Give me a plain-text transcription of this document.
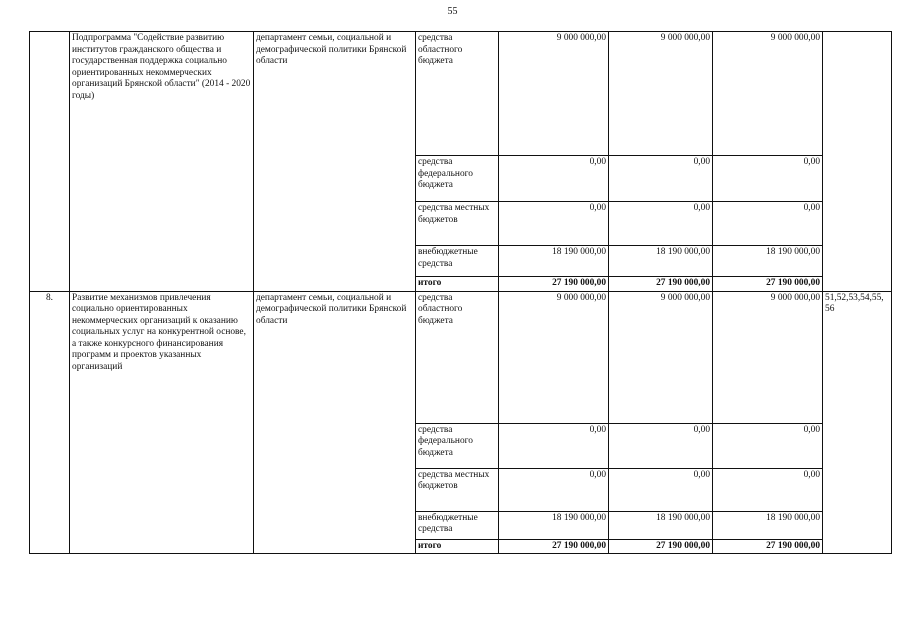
55
	Подпрограмма "Содействие развитию институтов гражданского общества и государственная поддержка социально ориентированных некоммерческих организаций Брянской области" (2014 - 2020 годы)	департамент семьи, социальной и демографической политики Брянской области	средства областного бюджета	9 000 000,00	9 000 000,00	9 000 000,00	
			средства федерального бюджета	0,00	0,00	0,00	
			средства местных бюджетов	0,00	0,00	0,00	
			внебюджетные средства	18 190 000,00	18 190 000,00	18 190 000,00	
			итого	27 190 000,00	27 190 000,00	27 190 000,00	
8.	Развитие механизмов привлечения социально ориентированных некоммерческих организаций к оказанию социальных услуг на конкурентной основе, а также конкурсного финансирования программ и проектов указанных организаций	департамент семьи, социальной и демографической политики Брянской области	средства областного бюджета	9 000 000,00	9 000 000,00	9 000 000,00	51,52,53,54,55, 56
			средства федерального бюджета	0,00	0,00	0,00	
			средства местных бюджетов	0,00	0,00	0,00	
			внебюджетные средства	18 190 000,00	18 190 000,00	18 190 000,00	
			итого	27 190 000,00	27 190 000,00	27 190 000,00	
